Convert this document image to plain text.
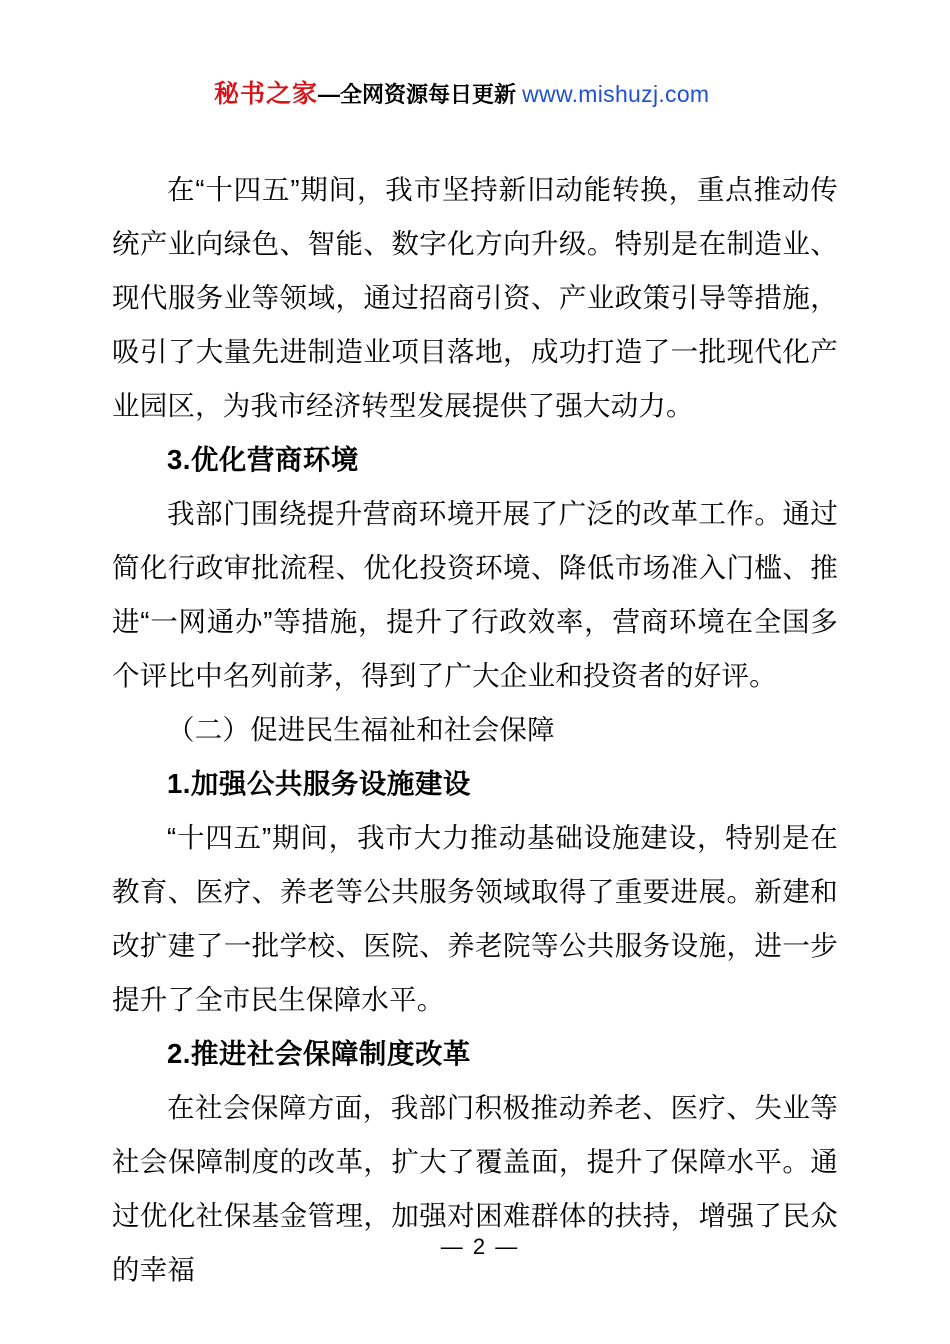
秘书之家—全网资源每日更新 www.mishuzj.com

在“十四五”期间，我市坚持新旧动能转换，重点推动传统产业向绿色、智能、数字化方向升级。特别是在制造业、现代服务业等领域，通过招商引资、产业政策引导等措施，吸引了大量先进制造业项目落地，成功打造了一批现代化产业园区，为我市经济转型发展提供了强大动力。

3.优化营商环境

我部门围绕提升营商环境开展了广泛的改革工作。通过简化行政审批流程、优化投资环境、降低市场准入门槛、推进“一网通办”等措施，提升了行政效率，营商环境在全国多个评比中名列前茅，得到了广大企业和投资者的好评。

（二）促进民生福祉和社会保障

1.加强公共服务设施建设

“十四五”期间，我市大力推动基础设施建设，特别是在教育、医疗、养老等公共服务领域取得了重要进展。新建和改扩建了一批学校、医院、养老院等公共服务设施，进一步提升了全市民生保障水平。

2.推进社会保障制度改革

在社会保障方面，我部门积极推动养老、医疗、失业等社会保障制度的改革，扩大了覆盖面，提升了保障水平。通过优化社保基金管理，加强对困难群体的扶持，增强了民众的幸福

— 2 —
